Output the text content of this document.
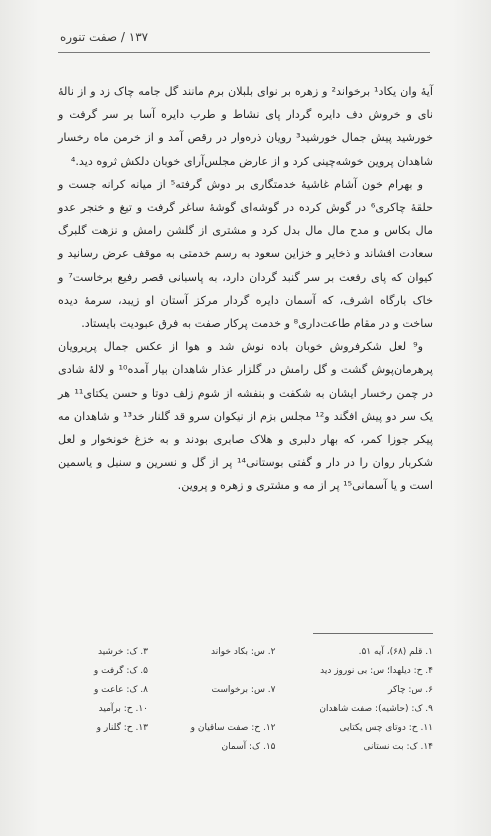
۱۳۷ / صفت تنوره

آیهٔ وان یکاد¹ برخواند² و زهره بر نوای بلبلان برم مانند گل جامه چاک زد و از نالهٔ نای و خروش دف دایره گردار پای نشاط و طرب دایره آسا بر سر گرفت و خورشید پیش جمال خورشید³ رویان ذره‌وار در رقص آمد و از خرمن ماه رخسار شاهدان پروین خوشه‌چینی کرد و از عارض مجلس‌آرای خوبان دلکش ثروه دید.⁴

و بهرام خون آشام غاشیهٔ خدمتگاری بر دوش گرفته⁵ از میانه کرانه جست و حلقهٔ چاکری⁶ در گوش کرده در گوشه‌ای گوشهٔ ساغر گرفت و تیغ و خنجر عدو مال بکاس و مدح مال مال بدل کرد و مشتری از گلشن رامش و نزهت گلبرگ سعادت افشاند و ذخایر و خزاین سعود به رسم خدمتی به موقف عرض رسانید و کیوان که پای رفعت بر سر گنبد گردان دارد، به پاسبانی قصر رفیع برخاست⁷ و خاک بارگاه اشرف، که آسمان دایره گردار مرکز آستان او زیبد، سرمهٔ دیده ساخت و در مقام طاعت‌داری⁸ و خدمت پرکار صفت به فرق عبودیت بایستاد.

و⁹ لعل شکرفروش خوبان باده نوش شد و هوا از عکس جمال پریرویان پرهرمان‌پوش گشت و گل رامش در گلزار عذار شاهدان بیار آمده¹⁰ و لالهٔ شادی در چمن رخسار ایشان به شکفت و بنفشه از شوم زلف دوتا و حسن یکتای¹¹ هر یک سر دو پیش افگند و¹² مجلس بزم از نیکوان سرو قد گلنار خد¹³ و شاهدان مه پیکر جوزا کمر، که بهار دلبری و هلاک صابری بودند و به خزغ خونخوار و لعل شکربار روان را در دار و گفتی بوستانی¹⁴ پر از گل و نسرین و سنبل و یاسمین است و یا آسمانی¹⁵ پر از مه و مشتری و زهره و پروین.

۱. قلم (۶۸)، آیه ۵۱.
۲. س: بکاد خواند
۳. ک: خرشید
۴. ح: دیلهدا؛ س: بی نوروز دید
۵. ک: گرفت و
۶. س: چاکر
۷. س: برخواست
۸. ک: عاعت و
۹. ک: (حاشیه): صفت شاهدان
۱۰. ح: برآمید
۱۱. ح: دوتای چس یکتایی
۱۲. ح: صفت ساقیان و
۱۳. ح: گلنار و
۱۴. ک: بت نستانی
۱۵. ک: آسمان
